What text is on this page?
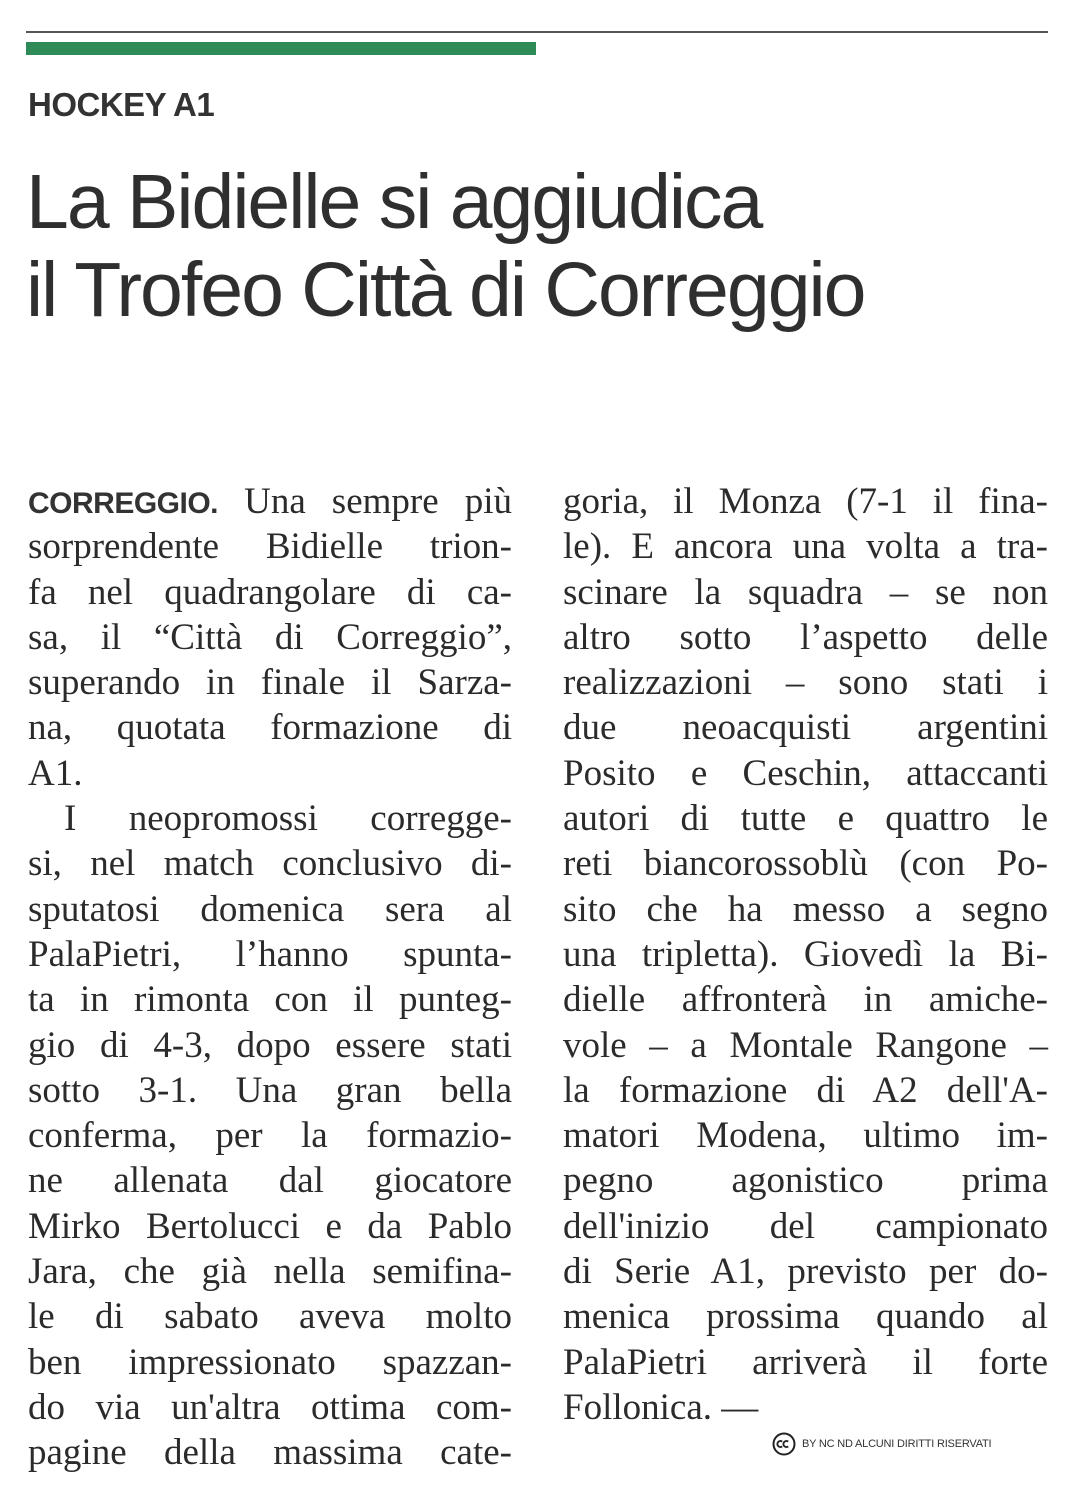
HOCKEY A1
La Bidielle si aggiudica
il Trofeo Città di Correggio
CORREGGIO. Una sempre più
sorprendente Bidielle trion-
fa nel quadrangolare di ca-
sa, il “Città di Correggio”,
superando in finale il Sarza-
na, quotata formazione di
A1.
I neopromossi corregge-
si, nel match conclusivo di-
sputatosi domenica sera al
PalaPietri, l’hanno spunta-
ta in rimonta con il punteg-
gio di 4-3, dopo essere stati
sotto 3-1. Una gran bella
conferma, per la formazio-
ne allenata dal giocatore
Mirko Bertolucci e da Pablo
Jara, che già nella semifina-
le di sabato aveva molto
ben impressionato spazzan-
do via un'altra ottima com-
pagine della massima cate-
goria, il Monza (7-1 il fina-
le). E ancora una volta a tra-
scinare la squadra – se non
altro sotto l’aspetto delle
realizzazioni – sono stati i
due neoacquisti argentini
Posito e Ceschin, attaccanti
autori di tutte e quattro le
reti biancorossoblù (con Po-
sito che ha messo a segno
una tripletta). Giovedì la Bi-
dielle affronterà in amiche-
vole – a Montale Rangone –
la formazione di A2 dell'A-
matori Modena, ultimo im-
pegno agonistico prima
dell'inizio del campionato
di Serie A1, previsto per do-
menica prossima quando al
PalaPietri arriverà il forte
Follonica. —
BY NC ND ALCUNI DIRITTI RISERVATI
